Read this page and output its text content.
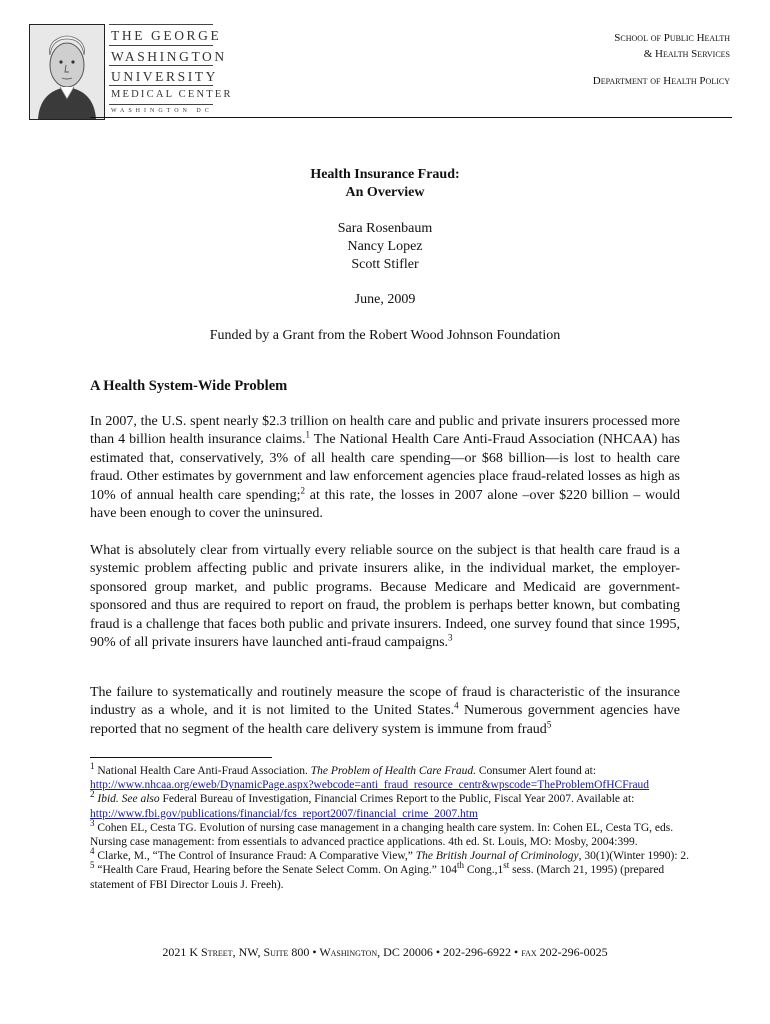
THE GEORGE
WASHINGTON
UNIVERSITY
MEDICAL CENTER
WASHINGTON DC
School of Public Health
& Health Services
Department of Health Policy
Health Insurance Fraud:
An Overview
Sara Rosenbaum
Nancy Lopez
Scott Stifler
June, 2009
Funded by a Grant from the Robert Wood Johnson Foundation
A Health System-Wide Problem

In 2007, the U.S. spent nearly $2.3 trillion on health care and public and private insurers processed more than 4 billion health insurance claims.$^1$ The National Health Care Anti-Fraud Association (NHCAA) has estimated that, conservatively, 3% of all health care spending—or $68 billion—is lost to health care fraud. Other estimates by government and law enforcement agencies place fraud-related losses as high as 10% of annual health care spending;$^2$ at this rate, the losses in 2007 alone –over $220 billion – would have been enough to cover the uninsured.

What is absolutely clear from virtually every reliable source on the subject is that health care fraud is a systemic problem affecting public and private insurers alike, in the individual market, the employer-sponsored group market, and public programs. Because Medicare and Medicaid are government-sponsored and thus are required to report on fraud, the problem is perhaps better known, but combating fraud is a challenge that faces both public and private insurers. Indeed, one survey found that since 1995, 90% of all private insurers have launched anti-fraud campaigns.$^3$

The failure to systematically and routinely measure the scope of fraud is characteristic of the insurance industry as a whole, and it is not limited to the United States.$^4$ Numerous government agencies have reported that no segment of the health care delivery system is immune from fraud$^5$

$^1$ National Health Care Anti-Fraud Association. The Problem of Health Care Fraud. Consumer Alert found at:
http://www.nhcaa.org/eweb/DynamicPage.aspx?webcode=anti_fraud_resource_centr&wpscode=TheProblemOfHCFraud

$^2$ Ibid. See also Federal Bureau of Investigation, Financial Crimes Report to the Public, Fiscal Year 2007. Available at: http://www.fbi.gov/publications/financial/fcs_report2007/financial_crime_2007.htm

$^3$ Cohen EL, Cesta TG. Evolution of nursing case management in a changing health care system. In: Cohen EL, Cesta TG, eds. Nursing case management: from essentials to advanced practice applications. 4th ed. St. Louis, MO: Mosby, 2004:399.

$^4$ Clarke, M., “The Control of Insurance Fraud: A Comparative View,” The British Journal of Criminology, 30(1)(Winter 1990): 2.

$^5$ “Health Care Fraud, Hearing before the Senate Select Comm. On Aging.” 104th Cong.,1st sess. (March 21, 1995) (prepared statement of FBI Director Louis J. Freeh).

2021 K Street, NW, Suite 800 • Washington, DC 20006 • 202-296-6922 • fax 202-296-0025
